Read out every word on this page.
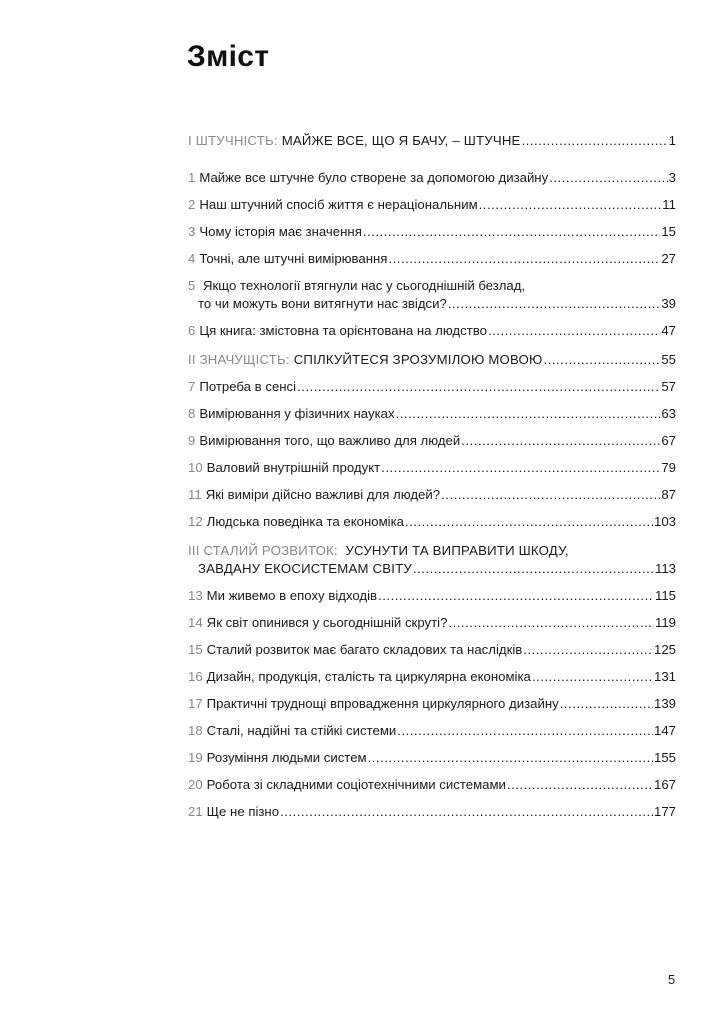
Зміст
I ШТУЧНІСТЬ: МАЙЖЕ ВСЕ, ЩО Я БАЧУ, – ШТУЧНЕ .....	1
1 Майже все штучне було створене за допомогою дизайну .....	3
2 Наш штучний спосіб життя є нераціональним .....	11
3 Чому історія має значення .....	15
4 Точні, але штучні вимірювання .....	27
5 Якщо технології втягнули нас у сьогоднішній безлад,
то чи можуть вони витягнути нас звідси? .....	39
6 Ця книга: змістовна та орієнтована на людство .....	47
II ЗНАЧУЩІСТЬ: СПІЛКУЙТЕСЯ ЗРОЗУМІЛОЮ МОВОЮ .....	55
7 Потреба в сенсі .....	57
8 Вимірювання у фізичних науках .....	63
9 Вимірювання того, що важливо для людей .....	67
10 Валовий внутрішній продукт .....	79
11 Які виміри дійсно важливі для людей? .....	87
12 Людська поведінка та економіка .....	103
III СТАЛИЙ РОЗВИТОК: УСУНУТИ ТА ВИПРАВИТИ ШКОДУ,
ЗАВДАНУ ЕКОСИСТЕМАМ СВІТУ .....	113
13 Ми живемо в епоху відходів .....	115
14 Як світ опинився у сьогоднішній скруті? .....	119
15 Сталий розвиток має багато складових та наслідків .....	125
16 Дизайн, продукція, сталість та циркулярна економіка .....	131
17 Практичні труднощі впровадження циркулярного дизайну .....	139
18 Сталі, надійні та стійкі системи .....	147
19 Розуміння людьми систем .....	155
20 Робота зі складними соціотехнічними системами .....	167
21 Ще не пізно .....	177
5
